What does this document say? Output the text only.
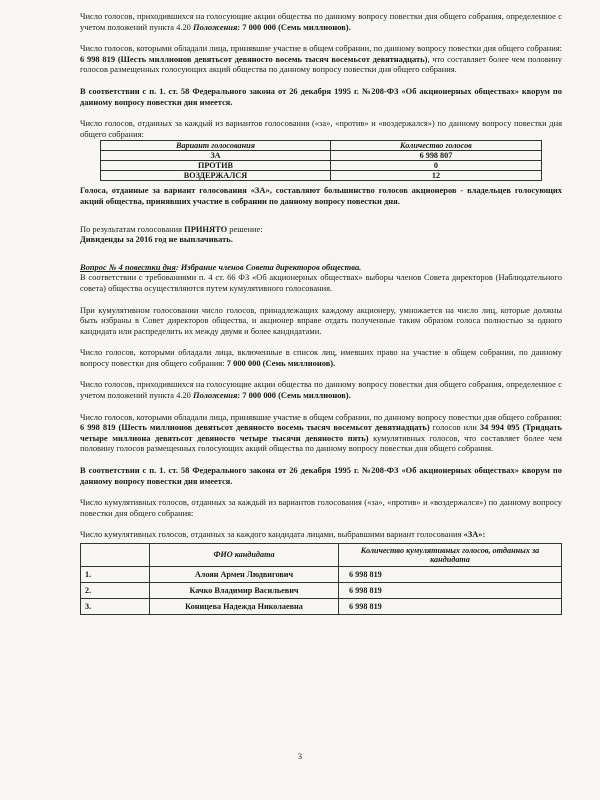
Число голосов, приходившихся на голосующие акции общества по данному вопросу повестки дня общего собрания, определенное с учетом положений пункта 4.20 Положения: 7 000 000 (Семь миллионов).

Число голосов, которыми обладали лица, принявшие участие в общем собрании, по данному вопросу повестки дня общего собрания: 6 998 819 (Шесть миллионов девятьсот девяносто восемь тысяч восемьсот девятнадцать), что составляет более чем половину голосов размещенных голосующих акций общества по данному вопросу повестки дня общего собрания.

В соответствии с п. 1. ст. 58 Федерального закона от 26 декабря 1995 г. №208-ФЗ «Об акционерных обществах» кворум по данному вопросу повестки дня имеется.

Число голосов, отданных за каждый из вариантов голосования («за», «против» и «воздержался») по данному вопросу повестки дня общего собрания:

Вариант голосования	Количество голосов
ЗА	6 998 807
ПРОТИВ	0
ВОЗДЕРЖАЛСЯ	12

Голоса, отданные за вариант голосования «ЗА», составляют большинство голосов акционеров - владельцев голосующих акций общества, принявших участие в собрании по данному вопросу повестки дня.

По результатам голосования ПРИНЯТО решение:

Дивиденды за 2016 год не выплачивать.

Вопрос № 4 повестки дня: Избрание членов Совета директоров общества.

В соответствии с требованиями п. 4 ст. 66 ФЗ «Об акционерных обществах» выборы членов Совета директоров (Наблюдательного совета) общества осуществляются путем кумулятивного голосования.

При кумулятивном голосовании число голосов, принадлежащих каждому акционеру, умножается на число лиц, которые должны быть избраны в Совет директоров общества, и акционер вправе отдать полученные таким образом голоса полностью за одного кандидата или распределить их между двумя и более кандидатами.

Число голосов, которыми обладали лица, включенные в список лиц, имевших право на участие в общем собрании, по данному вопросу повестки дня общего собрания: 7 000 000 (Семь миллионов).

Число голосов, приходившихся на голосующие акции общества по данному вопросу повестки дня общего собрания, определенное с учетом положений пункта 4.20 Положения: 7 000 000 (Семь миллионов).

Число голосов, которыми обладали лица, принявшие участие в общем собрании, по данному вопросу повестки дня общего собрания: 6 998 819 (Шесть миллионов девятьсот девяносто восемь тысяч восемьсот девятнадцать) голосов или 34 994 095 (Тридцать четыре миллиона девятьсот девяносто четыре тысячи девяносто пять) кумулятивных голосов, что составляет более чем половину голосов размещенных голосующих акций общества по данному вопросу повестки дня общего собрания.

В соответствии с п. 1. ст. 58 Федерального закона от 26 декабря 1995 г. №208-ФЗ «Об акционерных обществах» кворум по данному вопросу повестки дня имеется.

Число кумулятивных голосов, отданных за каждый из вариантов голосования («за», «против» и «воздержался») по данному вопросу повестки дня общего собрания:

Число кумулятивных голосов, отданных за каждого кандидата лицами, выбравшими вариант голосования «ЗА»:

	ФИО кандидата	Количество кумулятивных голосов, отданных за кандидата
1.	Алоян Армен Людвигович	6 998 819
2.	Качко Владимир Васильевич	6 998 819
3.	Коницева Надежда Николаевна	6 998 819
3
